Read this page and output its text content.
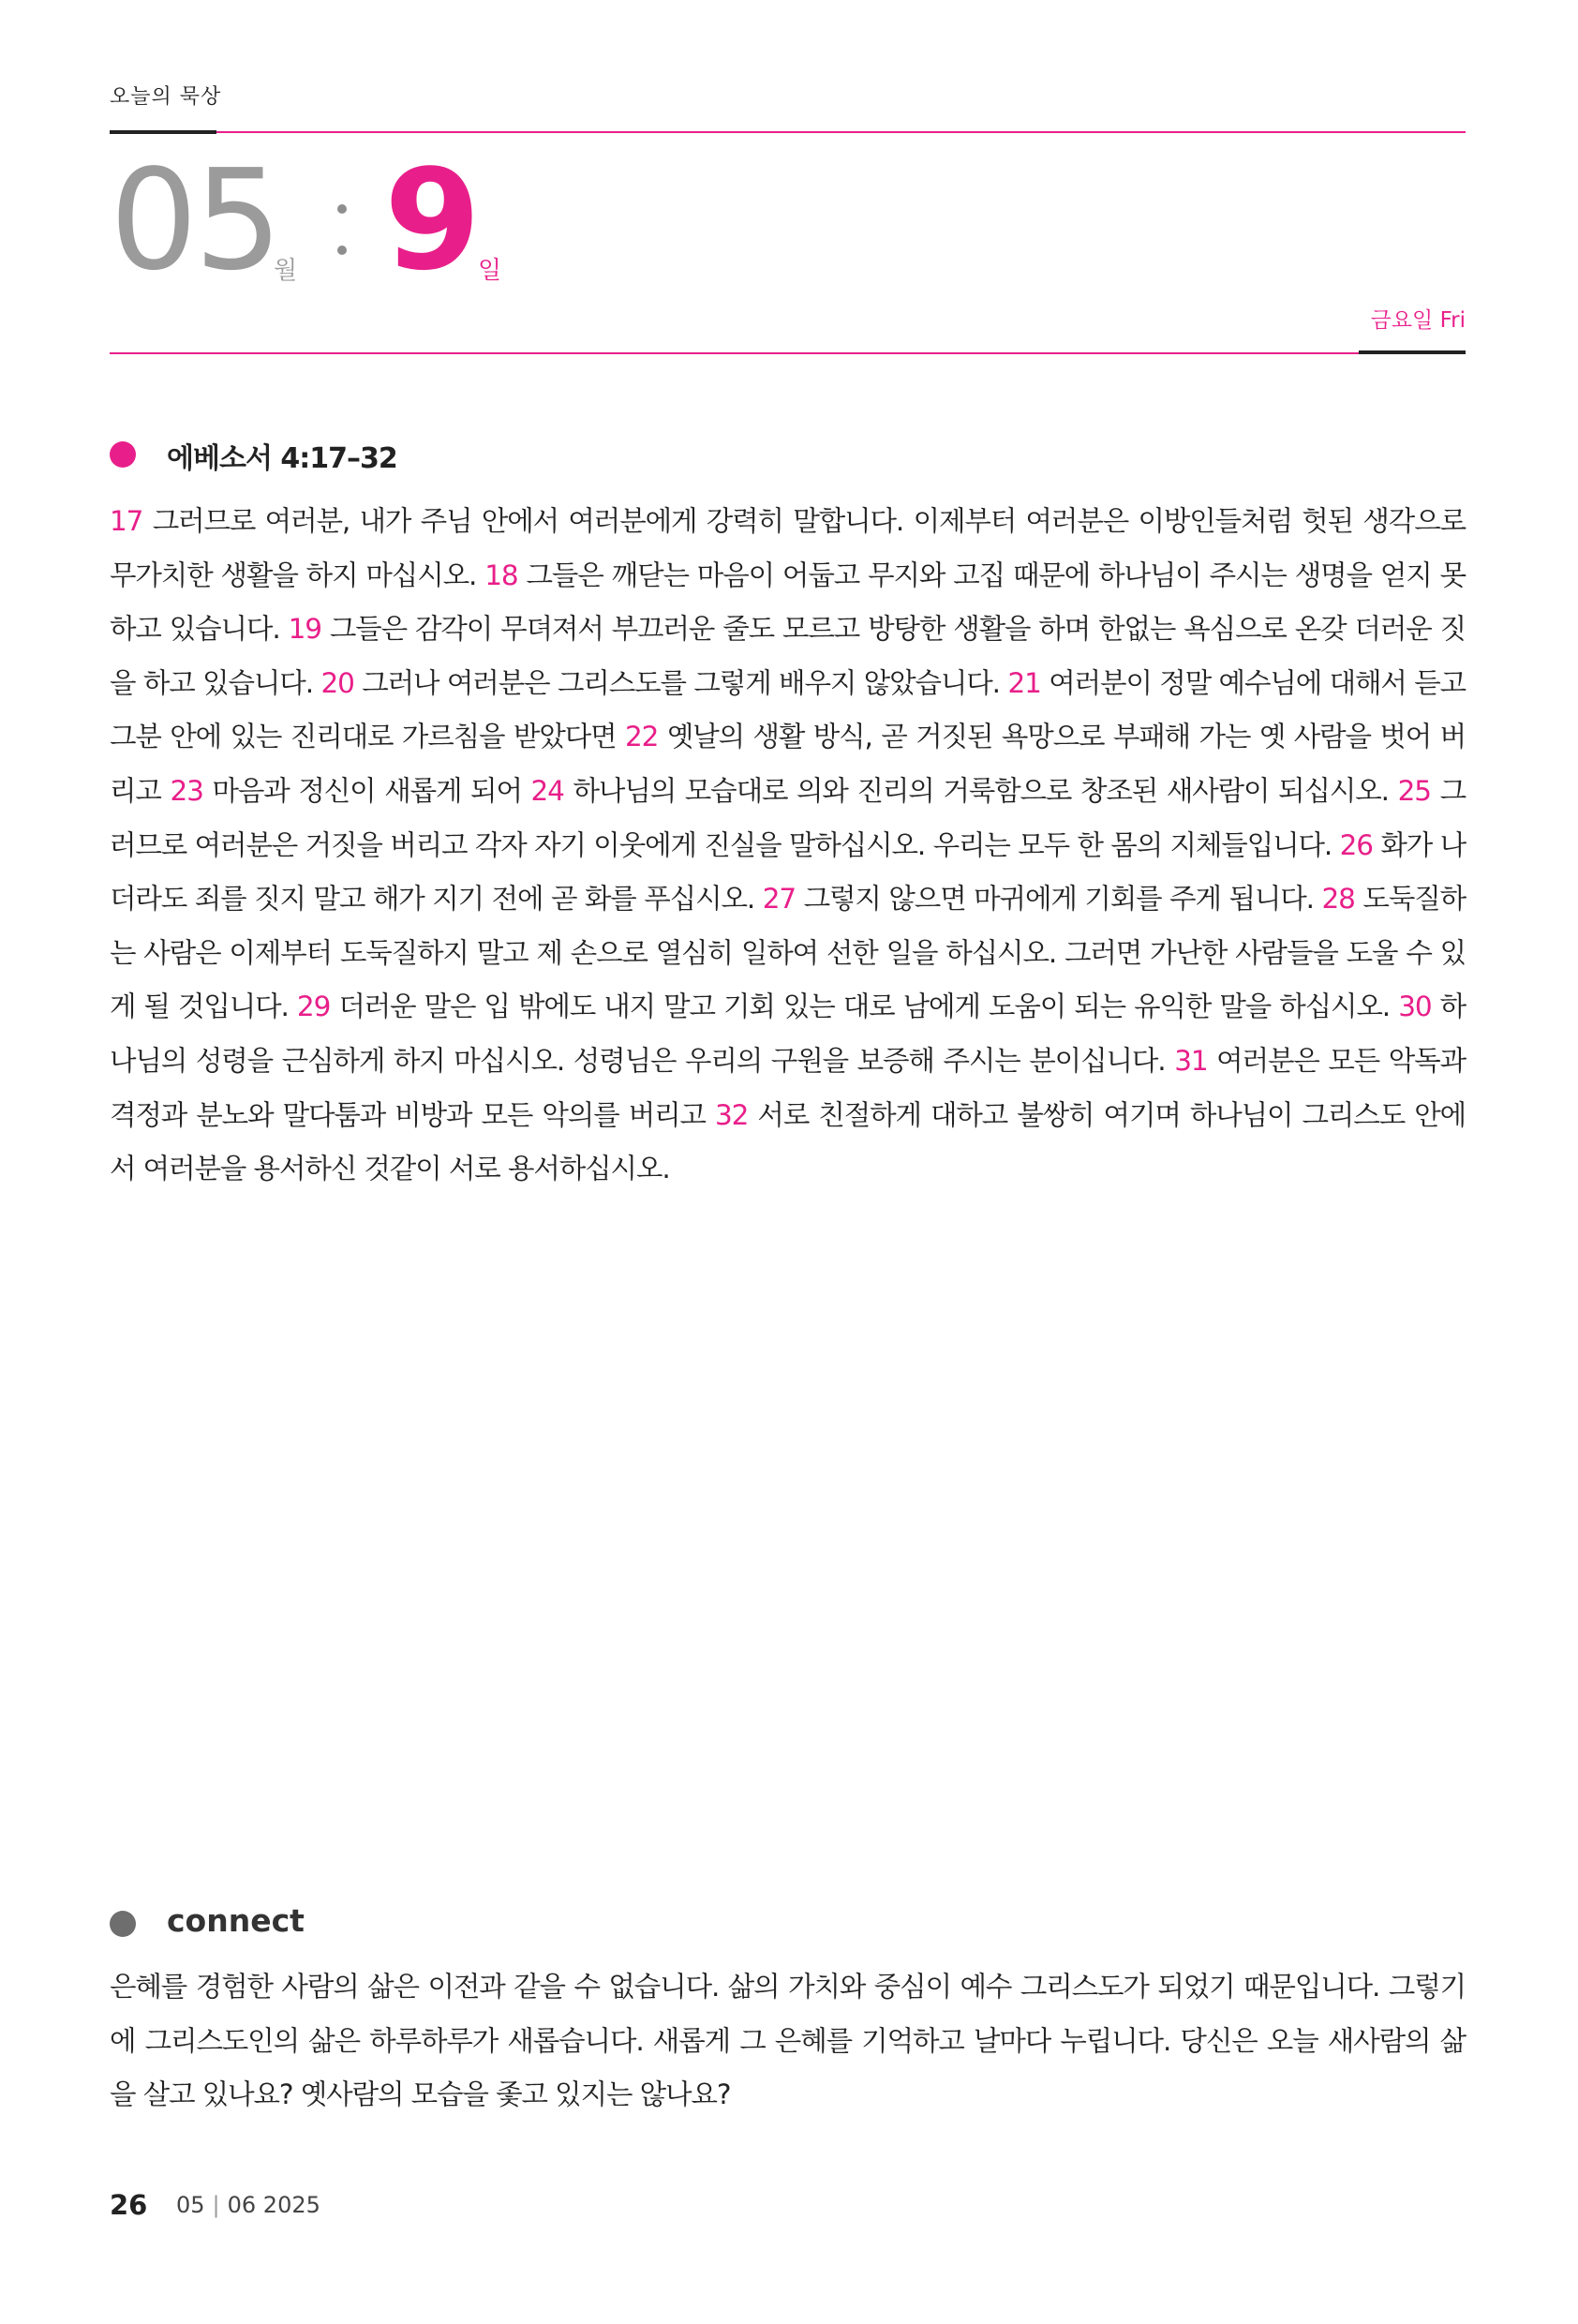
오늘의 묵상
05
월 9
일
금요일 Fri
에베소서 4:17–32
17 그러므로 여러분, 내가 주님 안에서 여러분에게 강력히 말합니다. 이제부터 여러분은 이방인들처럼 헛된 생각으로 무가치한 생활을 하지 마십시오. 18 그들은 깨닫는 마음이 어둡고 무지와 고집 때문에 하나님이 주시는 생명을 얻지 못하고 있습니다. 19 그들은 감각이 무뎌져서 부끄러운 줄도 모르고 방탕한 생활을 하며 한없는 욕심으로 온갖 더러운 짓을 하고 있습니다. 20 그러나 여러분은 그리스도를 그렇게 배우지 않았습니다. 21 여러분이 정말 예수님에 대해서 듣고 그분 안에 있는 진리대로 가르침을 받았다면 22 옛날의 생활 방식, 곧 거짓된 욕망으로 부패해 가는 옛 사람을 벗어 버리고 23 마음과 정신이 새롭게 되어 24 하나님의 모습대로 의와 진리의 거룩함으로 창조된 새사람이 되십시오. 25 그러므로 여러분은 거짓을 버리고 각자 자기 이웃에게 진실을 말하십시오. 우리는 모두 한 몸의 지체들입니다. 26 화가 나더라도 죄를 짓지 말고 해가 지기 전에 곧 화를 푸십시오. 27 그렇지 않으면 마귀에게 기회를 주게 됩니다. 28 도둑질하는 사람은 이제부터 도둑질하지 말고 제 손으로 열심히 일하여 선한 일을 하십시오. 그러면 가난한 사람들을 도울 수 있게 될 것입니다. 29 더러운 말은 입 밖에도 내지 말고 기회 있는 대로 남에게 도움이 되는 유익한 말을 하십시오. 30 하나님의 성령을 근심하게 하지 마십시오. 성령님은 우리의 구원을 보증해 주시는 분이십니다. 31 여러분은 모든 악독과 격정과 분노와 말다툼과 비방과 모든 악의를 버리고 32 서로 친절하게 대하고 불쌍히 여기며 하나님이 그리스도 안에서 여러분을 용서하신 것같이 서로 용서하십시오.
connect
은혜를 경험한 사람의 삶은 이전과 같을 수 없습니다. 삶의 가치와 중심이 예수 그리스도가 되었기 때문입니다. 그렇기에 그리스도인의 삶은 하루하루가 새롭습니다. 새롭게 그 은혜를 기억하고 날마다 누립니다. 당신은 오늘 새사람의 삶을 살고 있나요? 옛사람의 모습을 좇고 있지는 않나요?
26 05 | 06 2025
